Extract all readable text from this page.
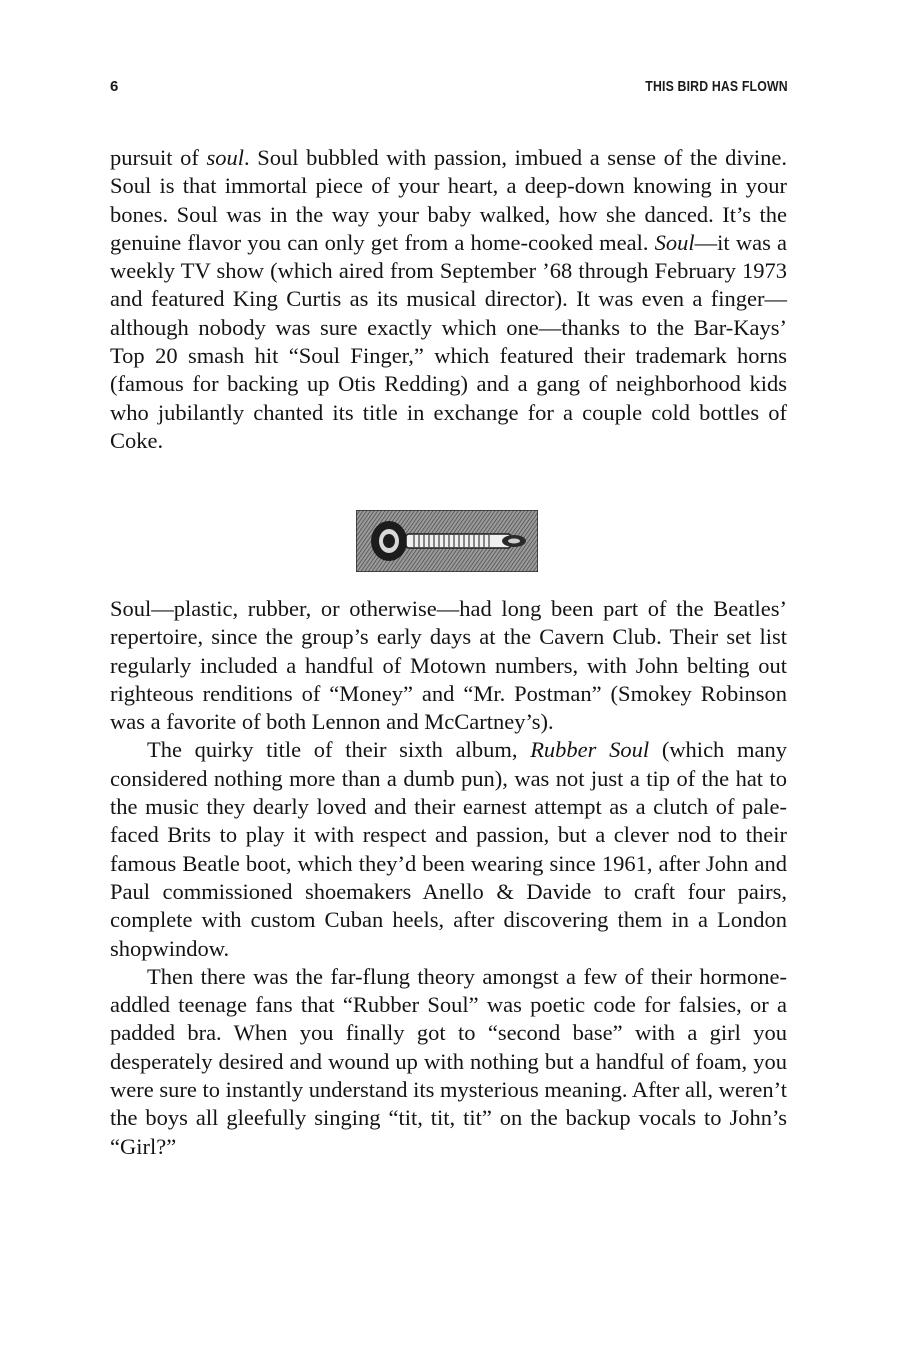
6	THIS BIRD HAS FLOWN

pursuit of soul. Soul bubbled with passion, imbued a sense of the divine. Soul is that immortal piece of your heart, a deep-down knowing in your bones. Soul was in the way your baby walked, how she danced. It’s the genuine flavor you can only get from a home-cooked meal. Soul—it was a weekly TV show (which aired from September ’68 through February 1973 and featured King Curtis as its musical director). It was even a finger—although nobody was sure exactly which one—thanks to the Bar-Kays’ Top 20 smash hit “Soul Finger,” which featured their trademark horns (famous for backing up Otis Redding) and a gang of neighborhood kids who jubilantly chanted its title in exchange for a couple cold bottles of Coke.

Soul—plastic, rubber, or otherwise—had long been part of the Beatles’ repertoire, since the group’s early days at the Cavern Club. Their set list regularly included a handful of Motown numbers, with John belting out righteous renditions of “Money” and “Mr. Postman” (Smokey Robinson was a favorite of both Lennon and McCartney’s).

The quirky title of their sixth album, Rubber Soul (which many considered nothing more than a dumb pun), was not just a tip of the hat to the music they dearly loved and their earnest attempt as a clutch of pale-faced Brits to play it with respect and passion, but a clever nod to their famous Beatle boot, which they’d been wearing since 1961, after John and Paul commissioned shoemakers Anello & Davide to craft four pairs, complete with custom Cuban heels, after discovering them in a London shopwindow.

Then there was the far-flung theory amongst a few of their hormone-addled teenage fans that “Rubber Soul” was poetic code for falsies, or a padded bra. When you finally got to “second base” with a girl you desperately desired and wound up with nothing but a handful of foam, you were sure to instantly understand its mysterious meaning. After all, weren’t the boys all gleefully singing “tit, tit, tit” on the backup vocals to John’s “Girl?”
